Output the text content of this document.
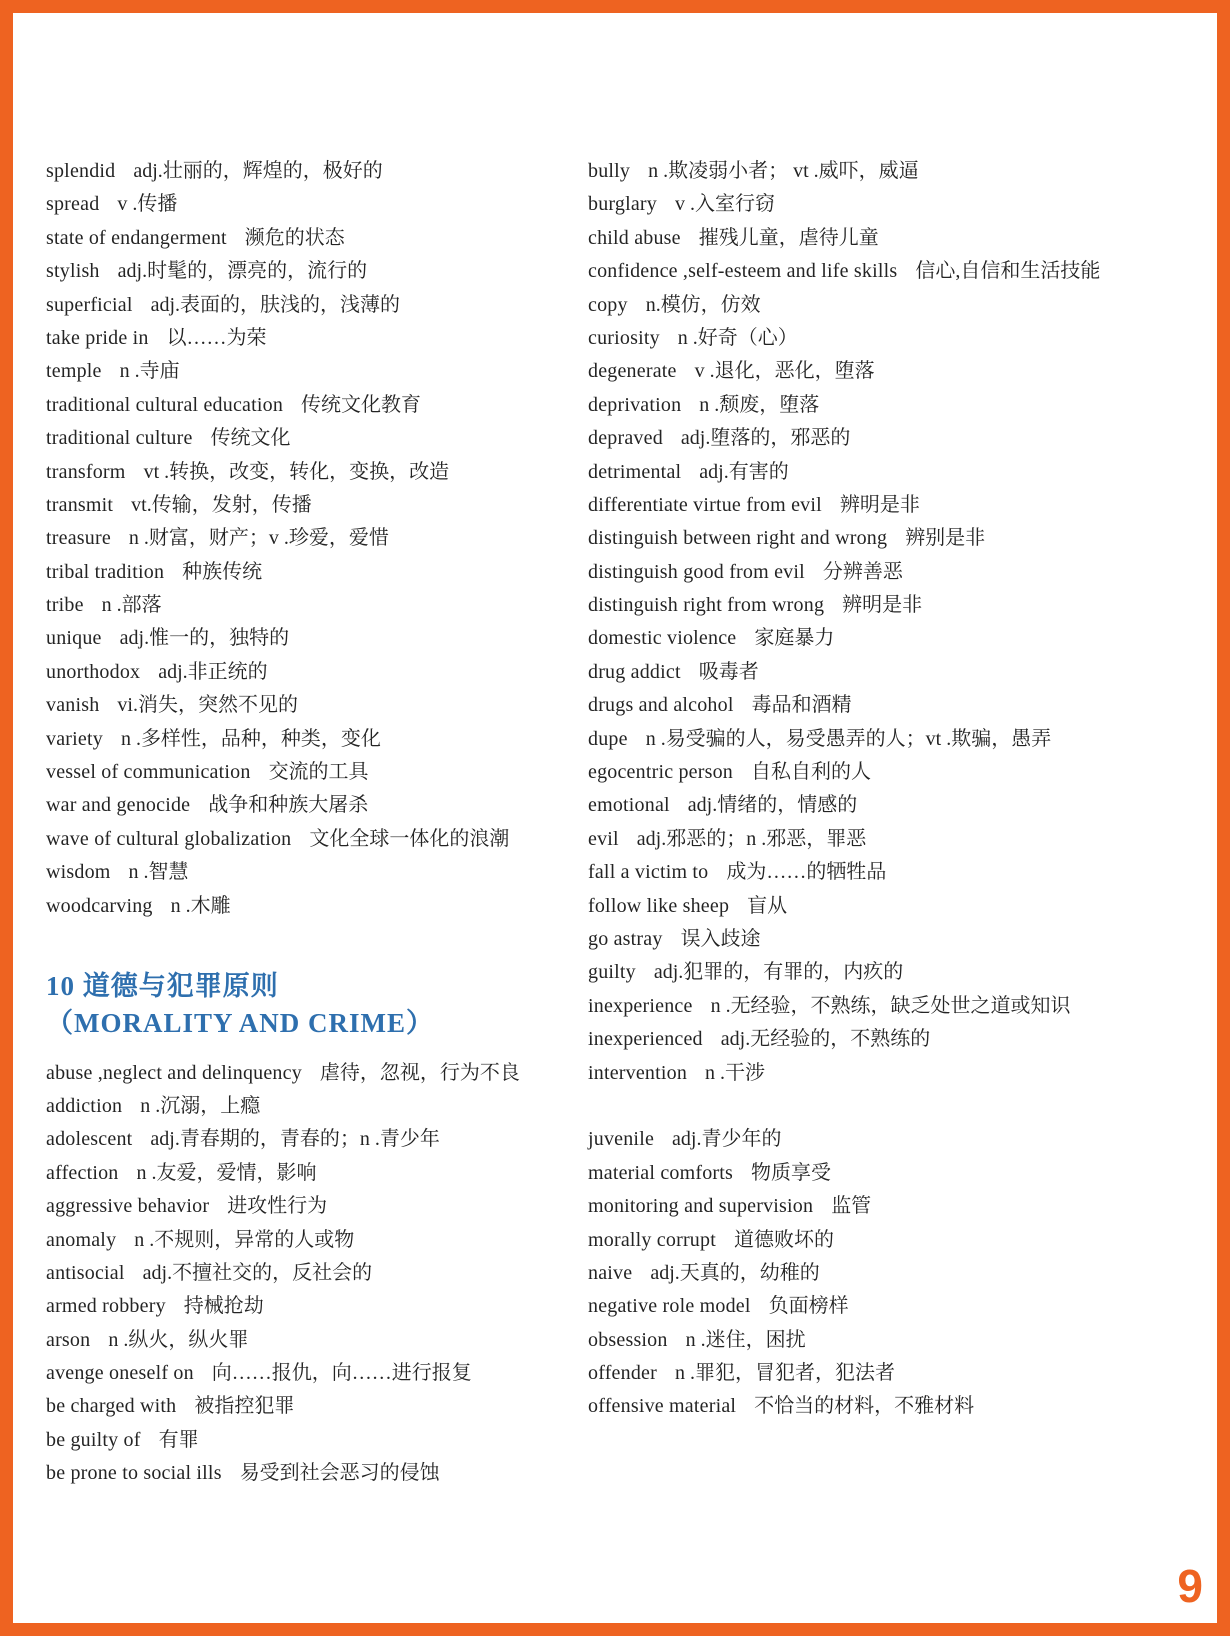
splendid adj.壮丽的，辉煌的，极好的
spread v .传播
state of endangerment 濒危的状态
stylish adj.时髦的，漂亮的，流行的
superficial adj.表面的，肤浅的，浅薄的
take pride in 以……为荣
temple n .寺庙
traditional cultural education 传统文化教育
traditional culture 传统文化
transform vt .转换，改变，转化，变换，改造
transmit vt.传输，发射，传播
treasure n .财富，财产；v .珍爱，爱惜
tribal tradition 种族传统
tribe n .部落
unique adj.惟一的，独特的
unorthodox adj.非正统的
vanish vi.消失，突然不见的
variety n .多样性，品种，种类，变化
vessel of communication 交流的工具
war and genocide 战争和种族大屠杀
wave of cultural globalization 文化全球一体化的浪潮
wisdom n .智慧
woodcarving n .木雕
10 道德与犯罪原则
（MORALITY AND CRIME）
abuse ,neglect and delinquency 虐待，忽视，行为不良
addiction n .沉溺，上瘾
adolescent adj.青春期的，青春的；n .青少年
affection n .友爱，爱情，影响
aggressive behavior 进攻性行为
anomaly n .不规则，异常的人或物
antisocial adj.不擅社交的，反社会的
armed robbery 持械抢劫
arson n .纵火，纵火罪
avenge oneself on 向……报仇，向……进行报复
be charged with 被指控犯罪
be guilty of 有罪
be prone to social ills 易受到社会恶习的侵蚀
bully n .欺凌弱小者； vt .威吓，威逼
burglary v .入室行窃
child abuse 摧残儿童，虐待儿童
confidence ,self-esteem and life skills 信心,自信和生活技能
copy n.模仿，仿效
curiosity n .好奇（心）
degenerate v .退化，恶化，堕落
deprivation n .颓废，堕落
depraved adj.堕落的，邪恶的
detrimental adj.有害的
differentiate virtue from evil 辨明是非
distinguish between right and wrong 辨别是非
distinguish good from evil 分辨善恶
distinguish right from wrong 辨明是非
domestic violence 家庭暴力
drug addict 吸毒者
drugs and alcohol 毒品和酒精
dupe n .易受骗的人，易受愚弄的人；vt .欺骗，愚弄
egocentric person 自私自利的人
emotional adj.情绪的，情感的
evil adj.邪恶的；n .邪恶，罪恶
fall a victim to 成为……的牺牲品
follow like sheep 盲从
go astray 误入歧途
guilty adj.犯罪的，有罪的，内疚的
inexperience n .无经验，不熟练，缺乏处世之道或知识
inexperienced adj.无经验的，不熟练的
intervention n .干涉
juvenile adj.青少年的
material comforts 物质享受
monitoring and supervision 监管
morally corrupt 道德败坏的
naive adj.天真的，幼稚的
negative role model 负面榜样
obsession n .迷住，困扰
offender n .罪犯，冒犯者，犯法者
offensive material 不恰当的材料，不雅材料
9
